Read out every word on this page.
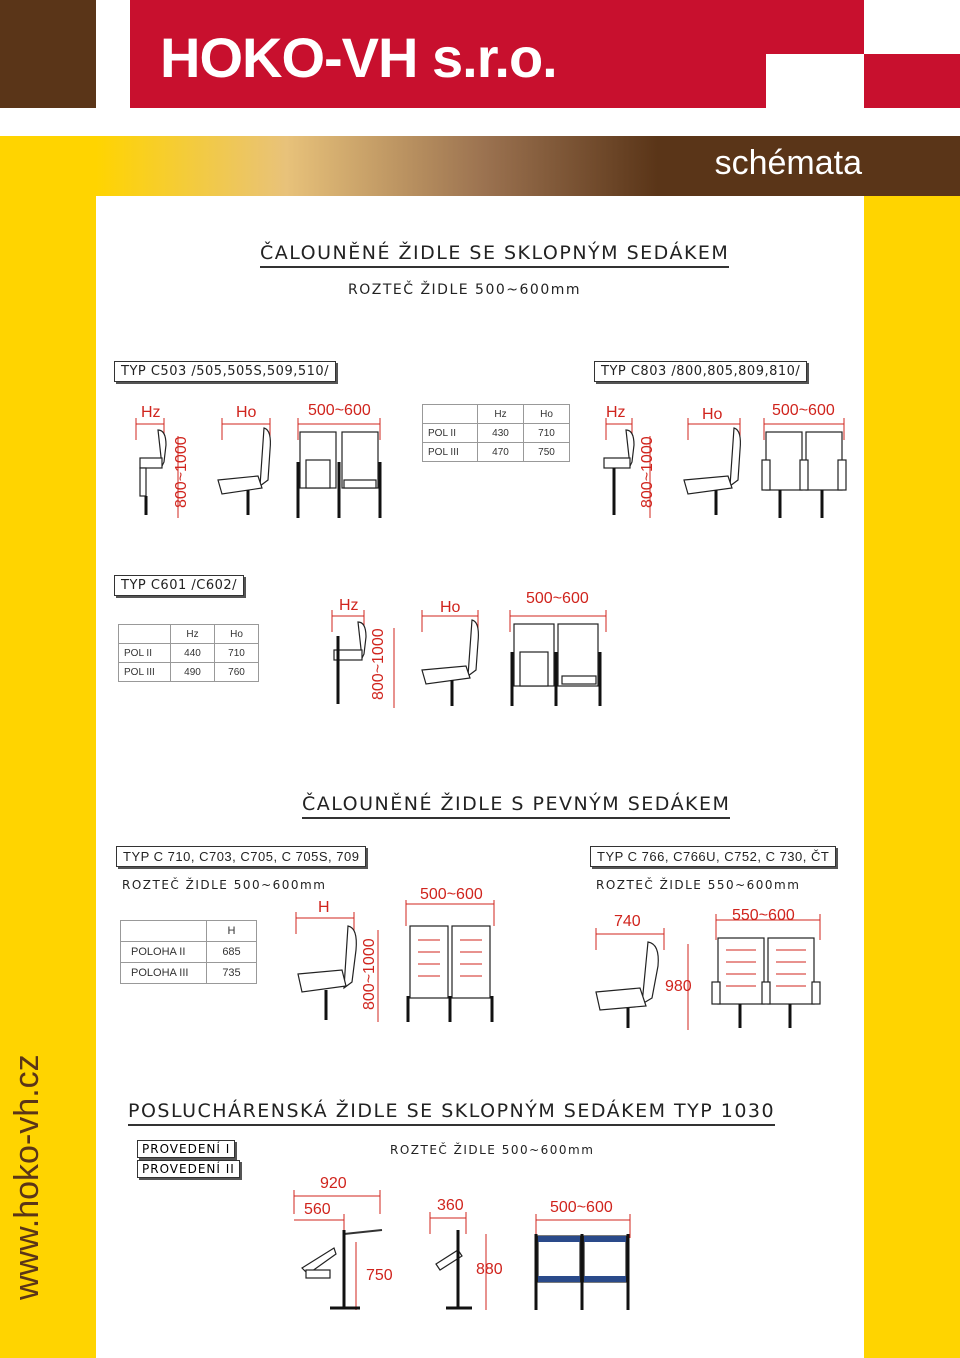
HOKO-VH s.r.o.
schémata
www.hoko-vh.cz
ČALOUNĚNÉ ŽIDLE SE SKLOPNÝM SEDÁKEM
ROZTEČ ŽIDLE 500~600mm
TYP C503 /505,505S,509,510/	TYP C803 /800,805,809,810/
Hz	Ho	500~600
800~1000
	Hz	Ho
POL II	430	710
POL III	470	750
Hz	Ho	500~600
800~1000
TYP C601 /C602/
	Hz	Ho
POL II	440	710
POL III	490	760
Hz	Ho
500~600
800~1000
ČALOUNĚNÉ ŽIDLE S PEVNÝM SEDÁKEM
TYP C 710, C703, C705, C 705S, 709
ROZTEČ ŽIDLE 500~600mm
TYP C 766, C766U, C752, C 730, ČT
ROZTEČ ŽIDLE 550~600mm
	H
POLOHA II	685
POLOHA III	735
H
500~600
800~1000
740	550~600
980
POSLUCHÁRENSKÁ ŽIDLE SE SKLOPNÝM SEDÁKEM TYP 1030
PROVEDENÍ I
PROVEDENÍ II
ROZTEČ ŽIDLE 500~600mm
920
560
750
360
880
500~600
